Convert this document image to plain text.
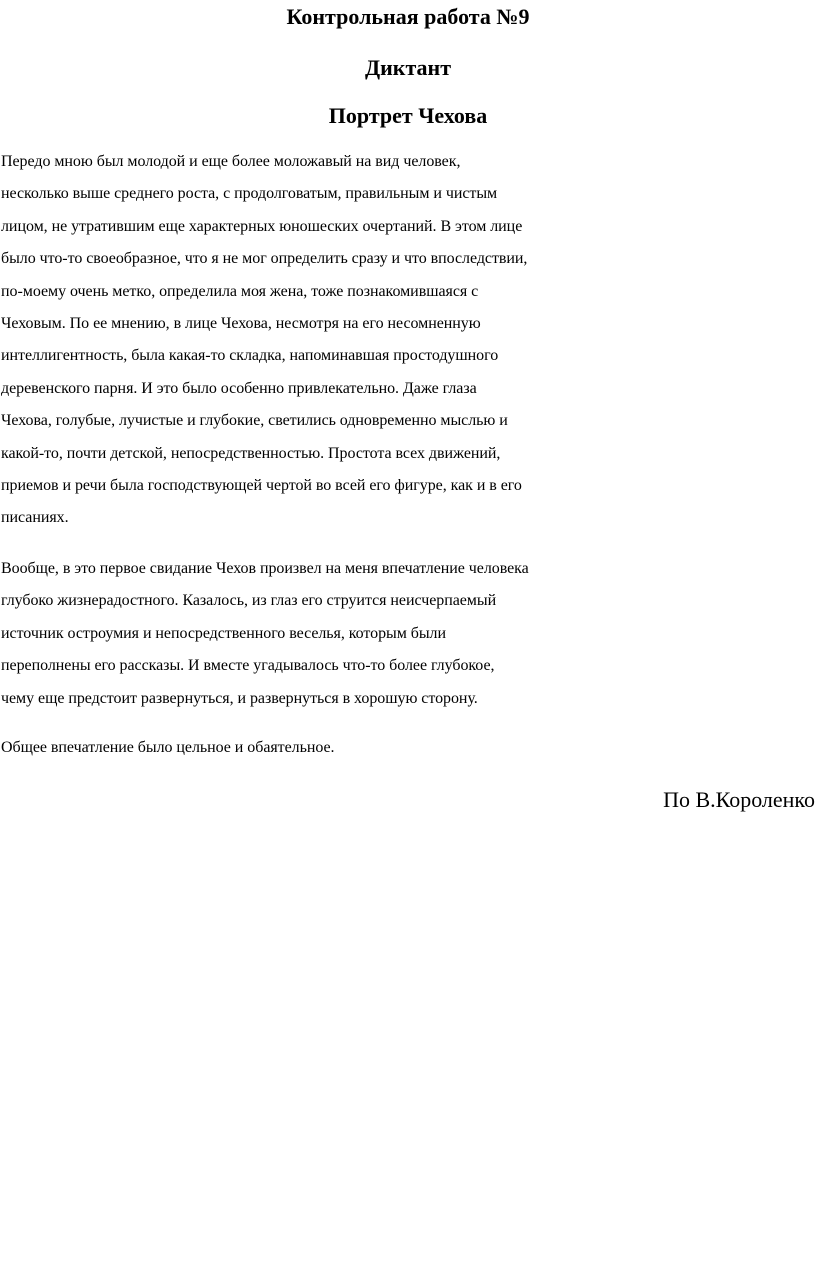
Контрольная работа №9
Диктант
Портрет Чехова
Передо мною был молодой и еще более моложавый на вид человек,
несколько выше среднего роста, с продолговатым, правильным и чистым
лицом, не утратившим еще характерных юношеских очертаний. В этом лице
было что-то своеобразное, что я не мог определить сразу и что впоследствии,
по-моему очень метко, определила моя жена, тоже познакомившаяся с
Чеховым. По ее мнению, в лице Чехова, несмотря на его несомненную
интеллигентность, была какая-то складка, напоминавшая простодушного
деревенского парня. И это было особенно привлекательно. Даже глаза
Чехова, голубые, лучистые и глубокие, светились одновременно мыслью и
какой-то, почти детской, непосредственностью. Простота всех движений,
приемов и речи была господствующей чертой во всей его фигуре, как и в его
писаниях.
Вообще, в это первое свидание Чехов произвел на меня впечатление человека
глубоко жизнерадостного. Казалось, из глаз его струится неисчерпаемый
источник остроумия и непосредственного веселья, которым были
переполнены его рассказы. И вместе угадывалось что-то более глубокое,
чему еще предстоит развернуться, и развернуться в хорошую сторону.
Общее впечатление было цельное и обаятельное.
По В.Короленко
